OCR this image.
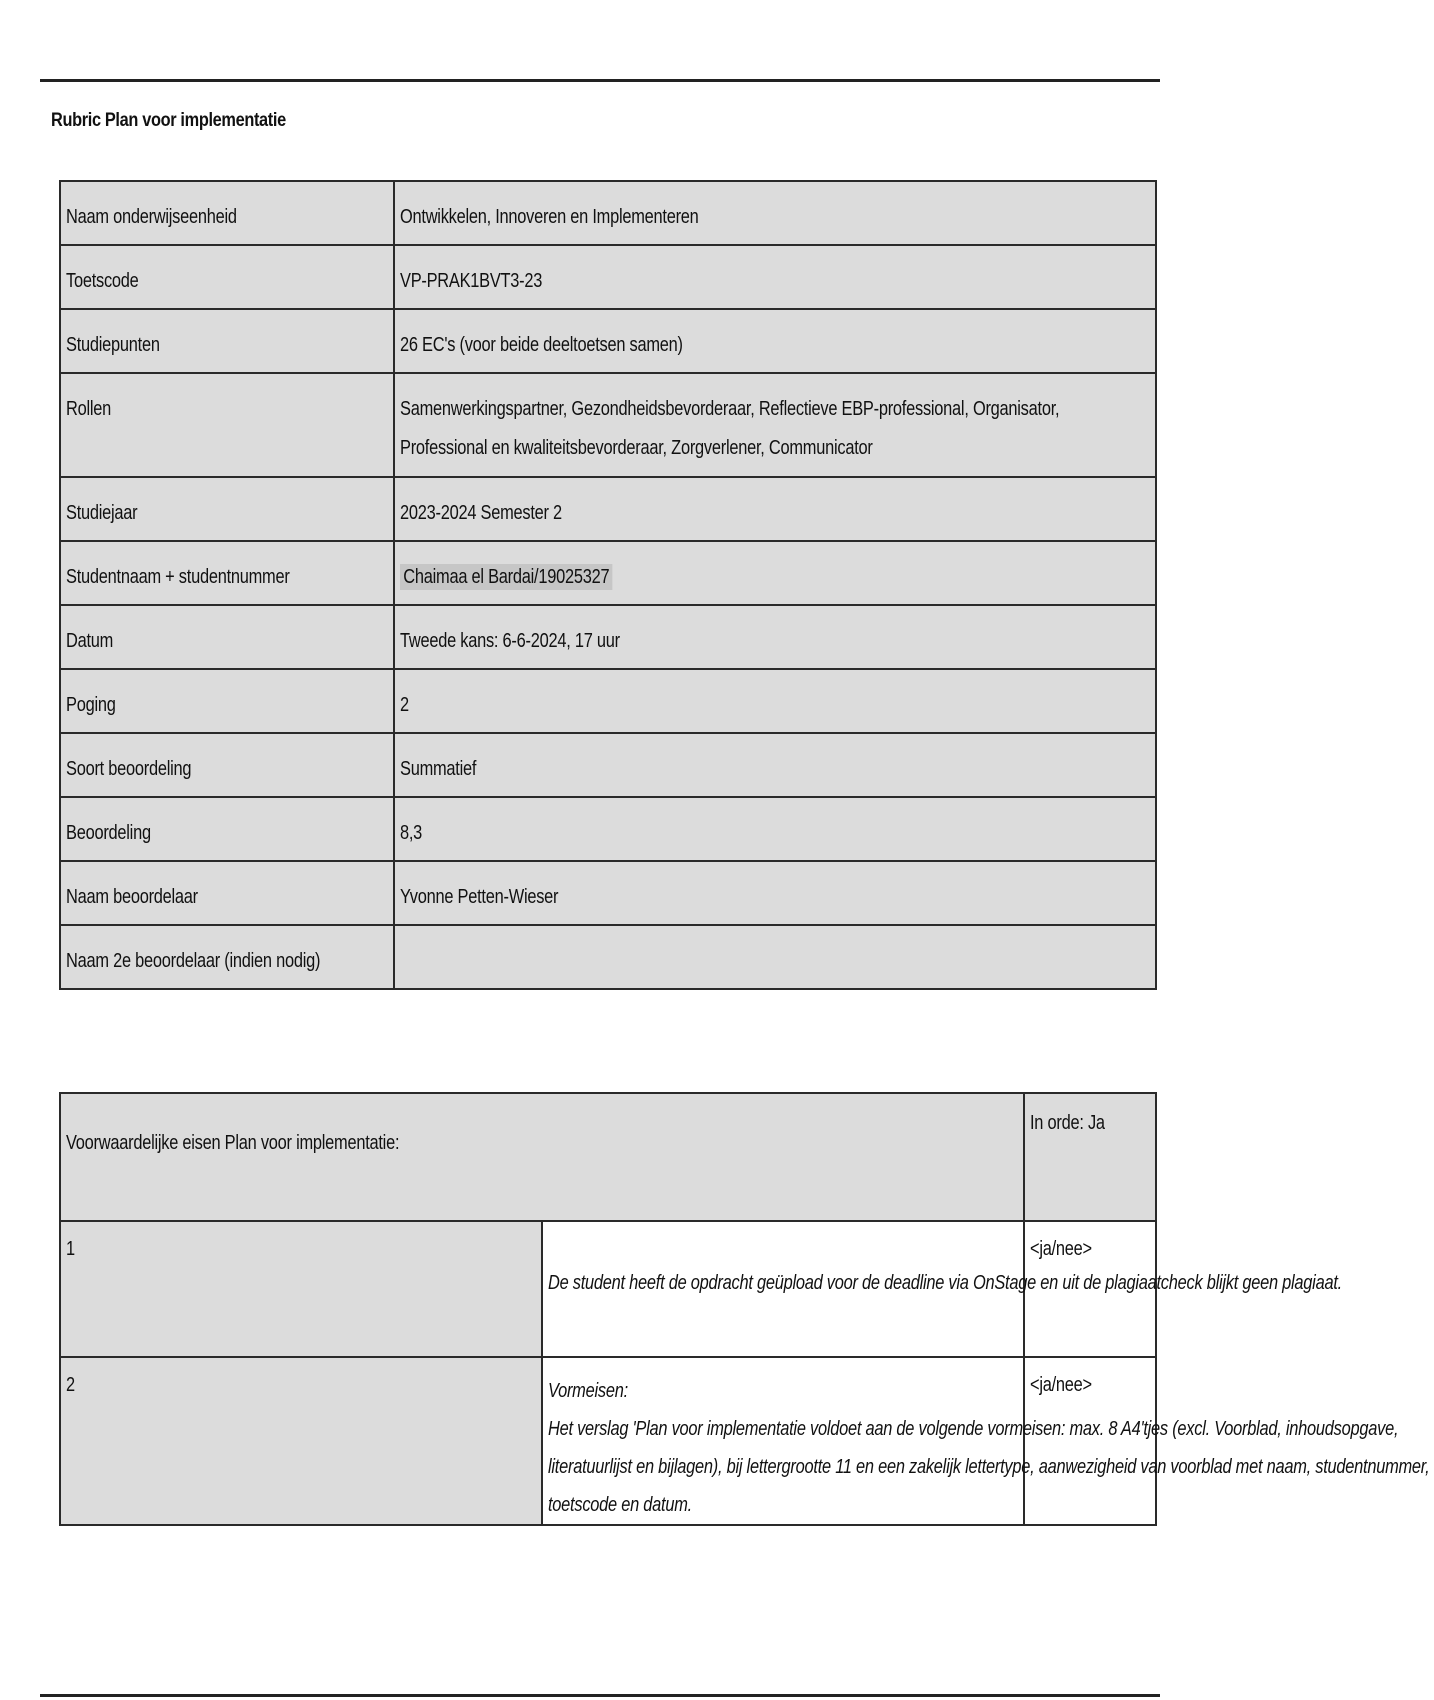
Rubric Plan voor implementatie
Naam onderwijseenheid	Ontwikkelen, Innoveren en Implementeren
Toetscode	VP-PRAK1BVT3-23
Studiepunten	26 EC's (voor beide deeltoetsen samen)
Rollen	Samenwerkingspartner, Gezondheidsbevorderaar, Reflectieve EBP-professional, Organisator, Professional en kwaliteitsbevorderaar, Zorgverlener, Communicator

Studiejaar	2023-2024 Semester 2
Studentnaam + studentnummer	Chaimaa el Bardai/19025327
Datum	Tweede kans: 6-6-2024, 17 uur
Poging	2
Soort beoordeling	Summatief
Beoordeling	8,3
Naam beoordelaar	Yvonne Petten-Wieser
Naam 2e beoordelaar (indien nodig)	
Voorwaardelijke eisen Plan voor implementatie:		In orde: Ja
1	De student heeft de opdracht geüpload voor de deadline via OnStage en uit de plagiaatcheck blijkt geen plagiaat.	<ja/nee>
2	Vormeisen:
Het verslag 'Plan voor implementatie voldoet aan de volgende vormeisen: max. 8 A4'tjes (excl. Voorblad, inhoudsopgave, literatuurlijst en bijlagen), bij lettergrootte 11 en een zakelijk lettertype, aanwezigheid van voorblad met naam, studentnummer, toetscode en datum.	<ja/nee>
